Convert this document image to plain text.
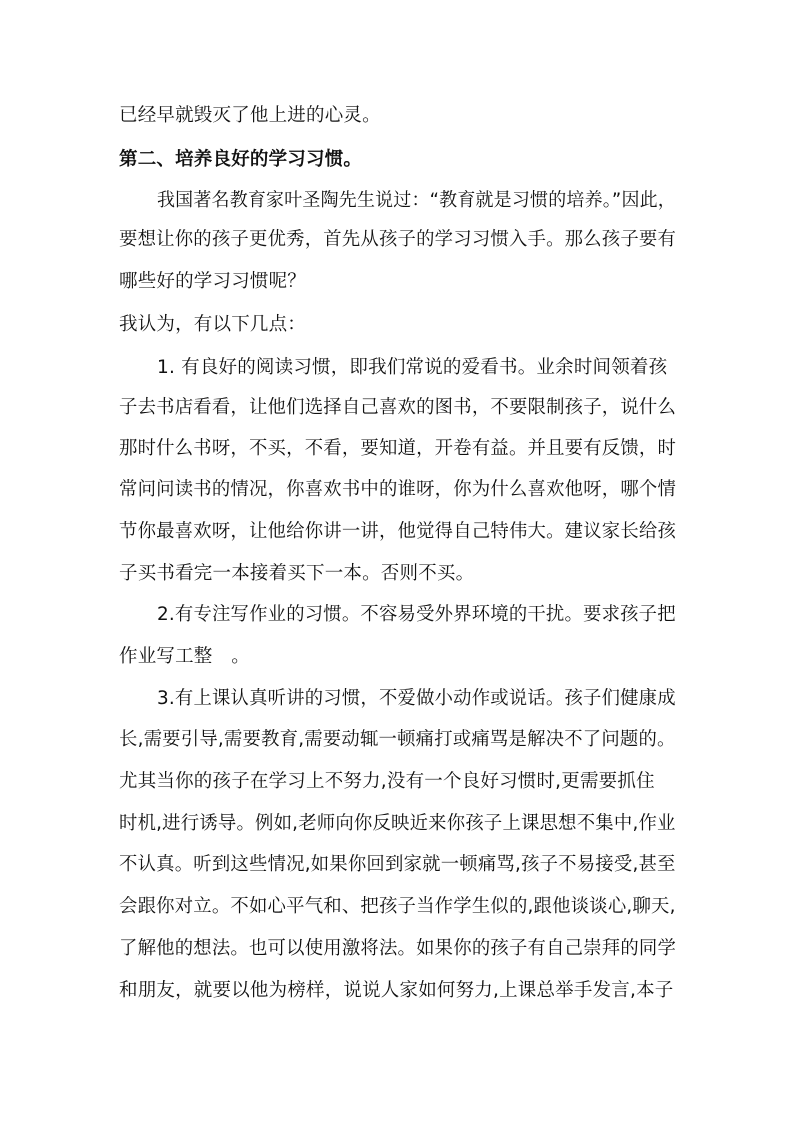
已经早就毁灭了他上进的心灵。
第二、培养良好的学习习惯。
我国著名教育家叶圣陶先生说过：“教育就是习惯的培养。”因此，
要想让你的孩子更优秀，首先从孩子的学习习惯入手。那么孩子要有
哪些好的学习习惯呢？
我认为，有以下几点：
1. 有良好的阅读习惯，即我们常说的爱看书。业余时间领着孩
子去书店看看，让他们选择自己喜欢的图书，不要限制孩子，说什么
那时什么书呀，不买，不看，要知道，开卷有益。并且要有反馈，时
常问问读书的情况，你喜欢书中的谁呀，你为什么喜欢他呀，哪个情
节你最喜欢呀，让他给你讲一讲，他觉得自己特伟大。建议家长给孩
子买书看完一本接着买下一本。否则不买。
2.有专注写作业的习惯。不容易受外界环境的干扰。要求孩子把
作业写工整　。
3.有上课认真听讲的习惯，不爱做小动作或说话。孩子们健康成
长,需要引导,需要教育,需要动辄一顿痛打或痛骂是解决不了问题的。
尤其当你的孩子在学习上不努力,没有一个良好习惯时,更需要抓住
时机,进行诱导。例如,老师向你反映近来你孩子上课思想不集中,作业
不认真。听到这些情况,如果你回到家就一顿痛骂,孩子不易接受,甚至
会跟你对立。不如心平气和、把孩子当作学生似的,跟他谈谈心,聊天,
了解他的想法。也可以使用激将法。如果你的孩子有自己崇拜的同学
和朋友，就要以他为榜样，说说人家如何努力,上课总举手发言,本子
